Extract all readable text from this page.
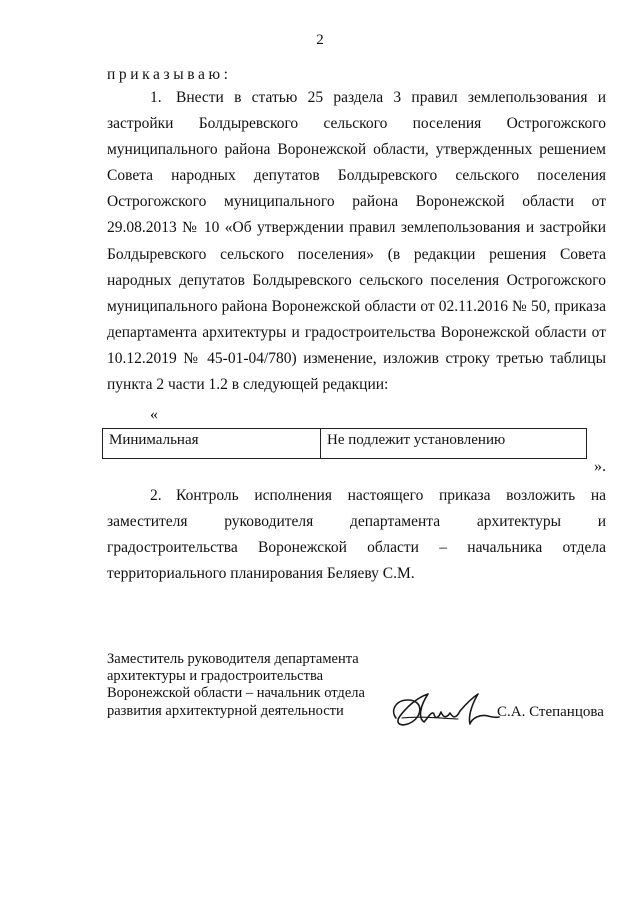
2
приказываю:

1. Внести в статью 25 раздела 3 правил землепользования и застройки Болдыревского сельского поселения Острогожского муниципального района Воронежской области, утвержденных решением Совета народных депутатов Болдыревского сельского поселения Острогожского муниципального района Воронежской области от 29.08.2013 № 10 «Об утверждении правил землепользования и застройки Болдыревского сельского поселения» (в редакции решения Совета народных депутатов Болдыревского сельского поселения Острогожского муниципального района Воронежской области от 02.11.2016 № 50, приказа департамента архитектуры и градостроительства Воронежской области от 10.12.2019 № 45-01-04/780) изменение, изложив строку третью таблицы пункта 2 части 1.2 в следующей редакции:

«
Минимальная	Не подлежит установлению
».

2. Контроль исполнения настоящего приказа возложить на заместителя руководителя департамента архитектуры и градостроительства Воронежской области – начальника отдела территориального планирования Беляеву С.М.

Заместитель руководителя департамента
архитектуры и градостроительства
Воронежской области – начальник отдела
развития архитектурной деятельности	С.А. Степанцова
